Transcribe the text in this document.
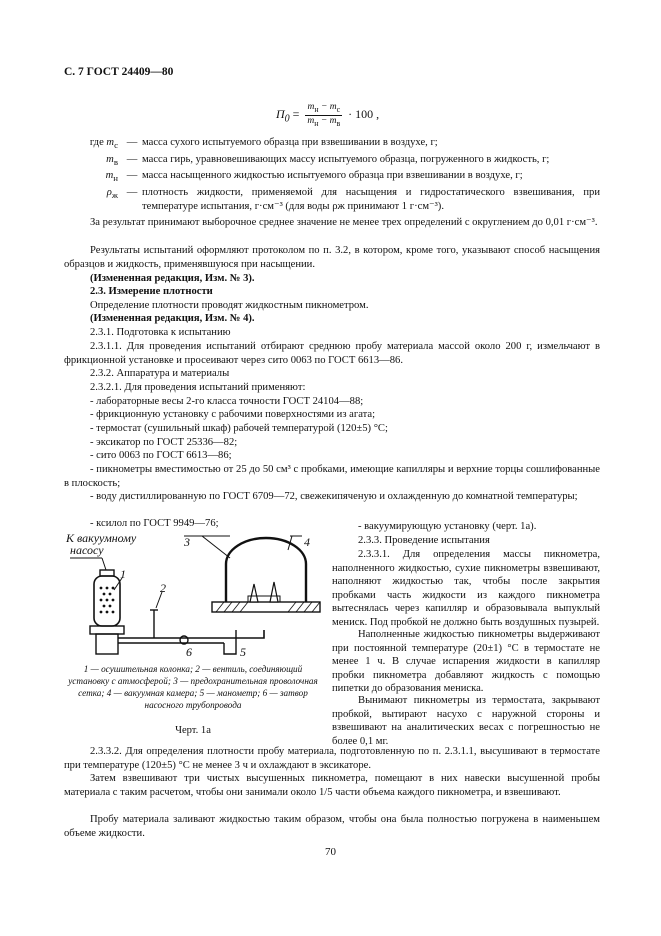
С. 7 ГОСТ 24409—80
$П_0 = \frac{m_н - m_с}{m_н - m_в} \cdot 100$ ,
где $m_с$ — масса сухого испытуемого образца при взвешивании в воздухе, г;
$m_в$ — масса гирь, уравновешивающих массу испытуемого образца, погруженного в жидкость, г;
$m_н$ — масса насыщенного жидкостью испытуемого образца при взвешивании в воздухе, г;
$\rho_ж$ — плотность жидкости, применяемой для насыщения и гидростатического взвешивания, при температуре испытания, г·см⁻³ (для воды ρж принимают 1 г·см⁻³).

За результат принимают выборочное среднее значение не менее трех определений с округлением до 0,01 г·см⁻³.

Результаты испытаний оформляют протоколом по п. 3.2, в котором, кроме того, указывают способ насыщения образцов и жидкость, применявшуюся при насыщении.

(Измененная редакция, Изм. № 3).

2.3. Измерение плотности

Определение плотности проводят жидкостным пикнометром.

(Измененная редакция, Изм. № 4).

2.3.1. Подготовка к испытанию

2.3.1.1. Для проведения испытаний отбирают среднюю пробу материала массой около 200 г, измельчают в фрикционной установке и просеивают через сито 0063 по ГОСТ 6613—86.

2.3.2. Аппаратура и материалы

2.3.2.1. Для проведения испытаний применяют:

- лабораторные весы 2-го класса точности ГОСТ 24104—88;

- фрикционную установку с рабочими поверхностями из агата;

- термостат (сушильный шкаф) рабочей температурой (120±5) °С;

- эксикатор по ГОСТ 25336—82;

- сито 0063 по ГОСТ 6613—86;

- пикнометры вместимостью от 25 до 50 см³ с пробками, имеющие капилляры и верхние торцы сошлифованные в плоскость;

- воду дистиллированную по ГОСТ 6709—72, свежекипяченую и охлажденную до комнатной температуры;

- ксилол по ГОСТ 9949—76;

К вакуумному
насосу
1
2
6	5
3	4
1 — осушительная колонка; 2 — вентиль, соединяющий установку с атмосферой; 3 — предохранительная проволочная сетка; 4 — вакуумная камера; 5 — манометр; 6 — затвор насосного трубопровода
Черт. 1а

- вакуумирующую установку (черт. 1а).

2.3.3. Проведение испытания

2.3.3.1. Для определения массы пикнометра, наполненного жидкостью, сухие пикнометры взвешивают, наполняют жидкостью так, чтобы после закрытия пробками часть жидкости из каждого пикнометра вытеснялась через капилляр и образовывала выпуклый мениск. Под пробкой не должно быть воздушных пузырей.

Наполненные жидкостью пикнометры выдерживают при постоянной температуре (20±1) °С в термостате не менее 1 ч. В случае испарения жидкости в капилляр пробки пикнометра добавляют жидкость с помощью пипетки до образования мениска.

Вынимают пикнометры из термостата, закрывают пробкой, вытирают насухо с наружной стороны и взвешивают на аналитических весах с погрешностью не более 0,1 мг.

2.3.3.2. Для определения плотности пробу материала, подготовленную по п. 2.3.1.1, высушивают в термостате при температуре (120±5) °С не менее 3 ч и охлаждают в эксикаторе.

Затем взвешивают три чистых высушенных пикнометра, помещают в них навески высушенной пробы материала с таким расчетом, чтобы они занимали около 1/5 части объема каждого пикнометра, и взвешивают.

Пробу материала заливают жидкостью таким образом, чтобы она была полностью погружена в наименьшем объеме жидкости.

70
